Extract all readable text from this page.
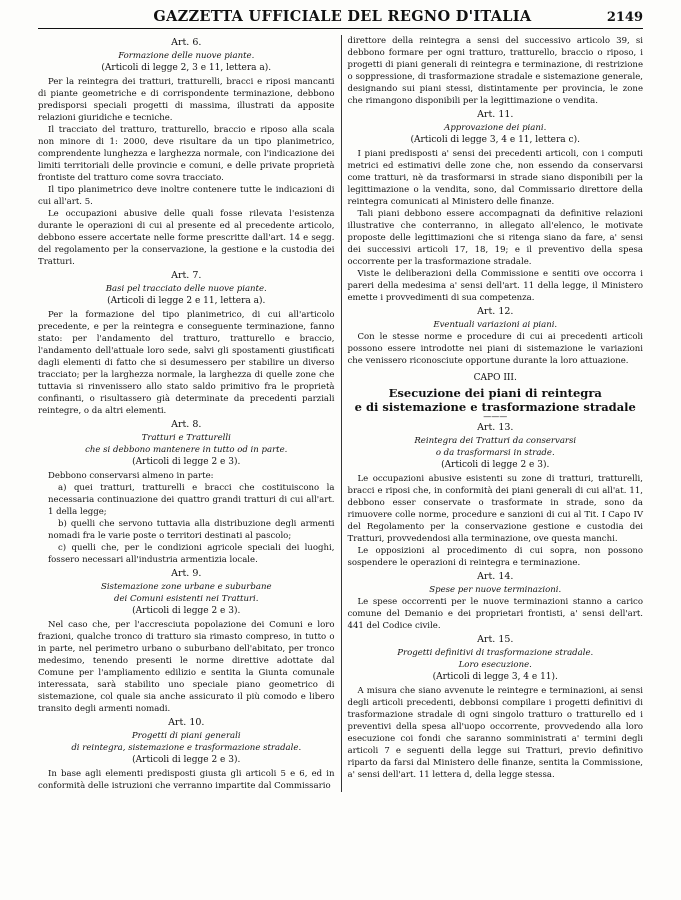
GAZZETTA UFFICIALE DEL REGNO D'ITALIA	2149
Art. 6.
Formazione delle nuove piante.
(Articoli di legge 2, 3 e 11, lettera a).

Per la reintegra dei tratturi, tratturelli, bracci e riposi mancanti di piante geometriche e di corrispondente terminazione, debbono predisporsi speciali progetti di massima, illustrati da apposite relazioni giuridiche e tecniche.

Il tracciato del tratturo, tratturello, braccio e riposo alla scala non minore di 1: 2000, deve risultare da un tipo planimetrico, comprendente lunghezza e larghezza normale, con l'indicazione dei limiti territoriali delle provincie e comuni, e delle private proprietà frontiste del tratturo come sovra tracciato.

Il tipo planimetrico deve inoltre contenere tutte le indicazioni di cui all'art. 5.

Le occupazioni abusive delle quali fosse rilevata l'esistenza durante le operazioni di cui al presente ed al precedente articolo, debbono essere accertate nelle forme prescritte dall'art. 14 e segg. del regolamento per la conservazione, la gestione e la custodia dei Tratturi.

Art. 7.
Basi pel tracciato delle nuove piante.
(Articoli di legge 2 e 11, lettera a).

Per la formazione del tipo planimetrico, di cui all'articolo precedente, e per la reintegra e conseguente terminazione, fanno stato: per l'andamento del tratturo, tratturello e braccio, l'andamento dell'attuale loro sede, salvi gli spostamenti giustificati dagli elementi di fatto che si desumessero per stabilire un diverso tracciato; per la larghezza normale, la larghezza di quelle zone che tuttavia si rinvenissero allo stato saldo primitivo fra le proprietà confinanti, o risultassero già determinate da precedenti parziali reintegre, o da altri elementi.

Art. 8.
Tratturi e Tratturelli
che si debbono mantenere in tutto od in parte.
(Articoli di legge 2 e 3).

Debbono conservarsi almeno in parte:

a) quei tratturi, tratturelli e bracci che costituiscono la necessaria continuazione dei quattro grandi tratturi di cui all'art. 1 della legge;

b) quelli che servono tuttavia alla distribuzione degli armenti nomadi fra le varie poste o territori destinati al pascolo;

c) quelli che, per le condizioni agricole speciali dei luoghi, fossero necessari all'industria armentizia locale.

Art. 9.
Sistemazione zone urbane e suburbane
dei Comuni esistenti nei Tratturi.
(Articoli di legge 2 e 3).

Nel caso che, per l'accresciuta popolazione dei Comuni e loro frazioni, qualche tronco di tratturo sia rimasto compreso, in tutto o in parte, nel perimetro urbano o suburbano dell'abitato, per tronco medesimo, tenendo presenti le norme direttive adottate dal Comune per l'ampliamento edilizio e sentita la Giunta comunale interessata, sarà stabilito uno speciale piano geometrico di sistemazione, col quale sia anche assicurato il più comodo e libero transito degli armenti nomadi.

Art. 10.
Progetti di piani generali
di reintegra, sistemazione e trasformazione stradale.
(Articoli di legge 2 e 3).

In base agli elementi predisposti giusta gli articoli 5 e 6, ed in conformità delle istruzioni che verranno impartite dal Commissario

direttore della reintegra a sensi del successivo articolo 39, si debbono formare per ogni tratturo, tratturello, braccio o riposo, i progetti di piani generali di reintegra e terminazione, di restrizione o soppressione, di trasformazione stradale e sistemazione generale, designando sui piani stessi, distintamente per provincia, le zone che rimangono disponibili per la legittimazione o vendita.

Art. 11.
Approvazione dei piani.
(Articoli di legge 3, 4 e 11, lettera c).

I piani predisposti a' sensi dei precedenti articoli, con i computi metrici ed estimativi delle zone che, non essendo da conservarsi come tratturi, nè da trasformarsi in strade siano disponibili per la legittimazione o la vendita, sono, dal Commissario direttore della reintegra comunicati al Ministero delle finanze.

Tali piani debbono essere accompagnati da definitive relazioni illustrative che conterranno, in allegato all'elenco, le motivate proposte delle legittimazioni che si ritenga siano da fare, a' sensi dei successivi articoli 17, 18, 19; e il preventivo della spesa occorrente per la trasformazione stradale.

Viste le deliberazioni della Commissione e sentiti ove occorra i pareri della medesima a' sensi dell'art. 11 della legge, il Ministero emette i provvedimenti di sua competenza.

Art. 12.
Eventuali variazioni ai piani.

Con le stesse norme e procedure di cui ai precedenti articoli possono essere introdotte nei piani di sistemazione le variazioni che venissero riconosciute opportune durante la loro attuazione.

CAPO III.
Esecuzione dei piani di reintegra
e di sistemazione e trasformazione stradale
———
Art. 13.
Reintegra dei Tratturi da conservarsi
o da trasformarsi in strade.
(Articoli di legge 2 e 3).

Le occupazioni abusive esistenti su zone di tratturi, tratturelli, bracci e riposi che, in conformità dei piani generali di cui all'at. 11, debbono esser conservate o trasformate in strade, sono da rimuovere colle norme, procedure e sanzioni di cui al Tit. I Capo IV del Regolamento per la conservazione gestione e custodia dei Tratturi, provvedendosi alla terminazione, ove questa manchi.

Le opposizioni al procedimento di cui sopra, non possono sospendere le operazioni di reintegra e terminazione.

Art. 14.
Spese per nuove terminazioni.

Le spese occorrenti per le nuove terminazioni stanno a carico comune del Demanio e dei proprietari frontisti, a' sensi dell'art. 441 del Codice civile.

Art. 15.
Progetti definitivi di trasformazione stradale.
Loro esecuzione.
(Articoli di legge 3, 4 e 11).

A misura che siano avvenute le reintegre e terminazioni, ai sensi degli articoli precedenti, debbonsi compilare i progetti definitivi di trasformazione stradale di ogni singolo tratturo o tratturello ed i preventivi della spesa all'uopo occorrente, provvedendo alla loro esecuzione coi fondi che saranno somministrati a' termini degli articoli 7 e seguenti della legge sui Tratturi, previo definitivo riparto da farsi dal Ministero delle finanze, sentita la Commissione, a' sensi dell'art. 11 lettera d, della legge stessa.
